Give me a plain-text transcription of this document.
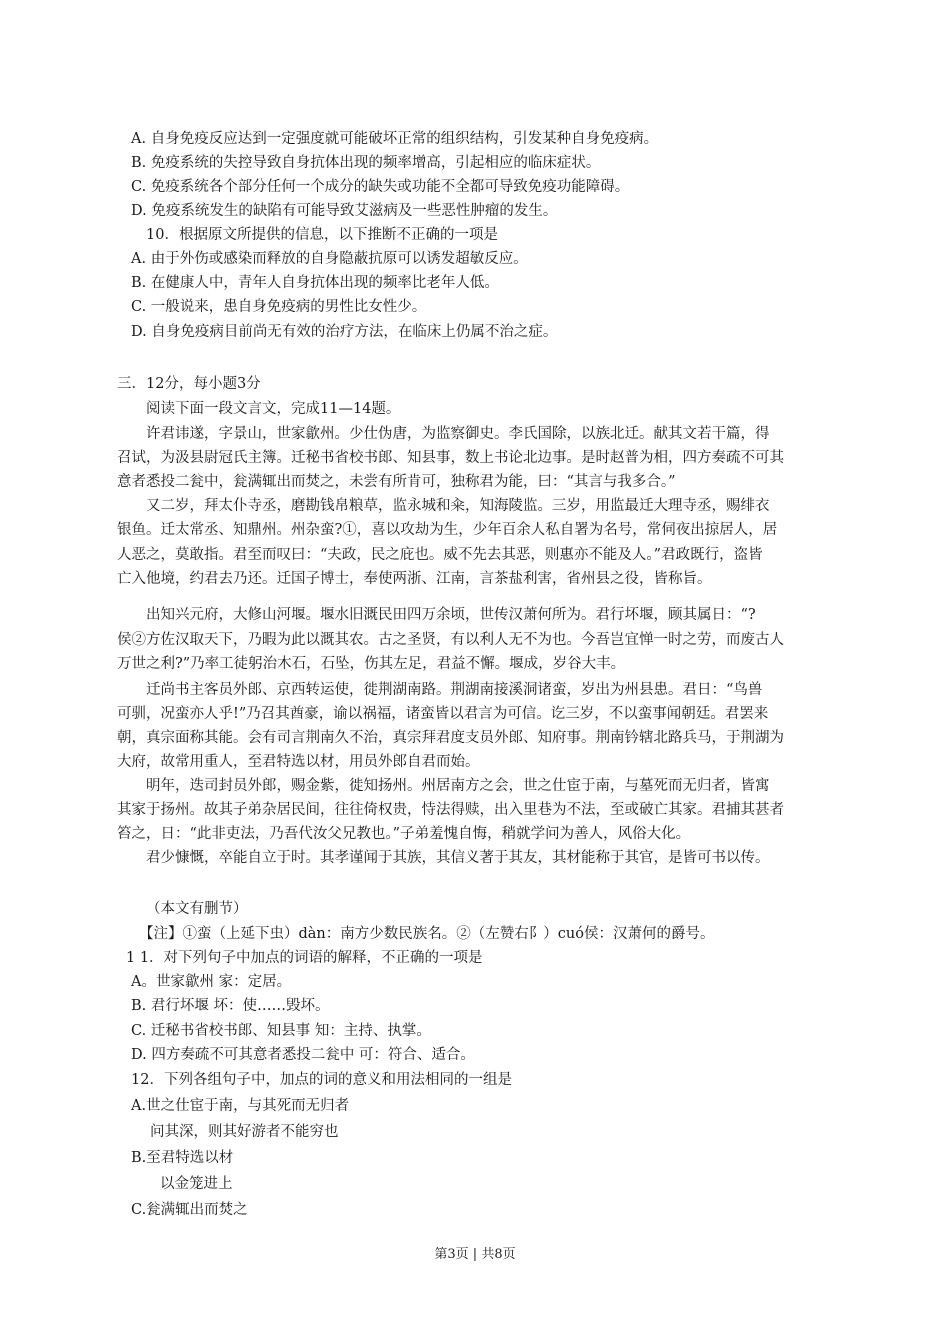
A. 自身免疫反应达到一定强度就可能破坏正常的组织结构，引发某种自身免疫病。
B. 免疫系统的失控导致自身抗体出现的频率增高，引起相应的临床症状。
C. 免疫系统各个部分任何一个成分的缺失或功能不全都可导致免疫功能障碍。
D. 免疫系统发生的缺陷有可能导致艾滋病及一些恶性肿瘤的发生。
10．根据原文所提供的信息，以下推断不正确的一项是
A. 由于外伤或感染而释放的自身隐蔽抗原可以诱发超敏反应。
B. 在健康人中，青年人自身抗体出现的频率比老年人低。
C. 一般说来，患自身免疫病的男性比女性少。
D. 自身免疫病目前尚无有效的治疗方法，在临床上仍属不治之症。
三．12分，每小题3分
阅读下面一段文言文，完成11—14题。
许君讳遂，字景山，世家歙州。少仕伪唐，为监察御史。李氏国除，以族北迁。献其文若干篇，得
召试，为汲县尉冠氏主簿。迁秘书省校书郎、知县事，数上书论北边事。是时赵普为相，四方奏疏不可其
意者悉投二瓮中，瓮满辄出而焚之，未尝有所肯可，独称君为能，曰：“其言与我多合。”
又二岁，拜太仆寺丞，磨勘钱帛粮草，监永城和籴，知海陵监。三岁，用监最迁大理寺丞，赐绯衣
银鱼。迁太常丞、知鼎州。州杂蛮?①，喜以攻劫为生，少年百余人私自署为名号，常伺夜出掠居人，居
人恶之，莫敢指。君至而叹曰：“夫政，民之庇也。威不先去其恶，则惠亦不能及人。”君政既行，盗皆
亡入他境，约君去乃还。迁国子博士，奉使两浙、江南，言茶盐利害，省州县之役，皆称旨。
出知兴元府，大修山河堰。堰水旧溉民田四万余顷，世传汉萧何所为。君行坏堰，顾其属日：“?
侯②方佐汉取天下，乃暇为此以溉其农。古之圣贤，有以利人无不为也。今吾岂宜惮一时之劳，而废古人
万世之利?”乃率工徒躬治木石，石坠，伤其左足，君益不懈。堰成，岁谷大丰。
迁尚书主客员外郎、京西转运使，徙荆湖南路。荆湖南接溪洞诸蛮，岁出为州县患。君日：“鸟兽
可驯，况蛮亦人乎!”乃召其酋豪，谕以祸福，诸蛮皆以君言为可信。讫三岁，不以蛮事闻朝廷。君罢来
朝，真宗面称其能。会有司言荆南久不治，真宗拜君度支员外郎、知府事。荆南钤辖北路兵马，于荆湖为
大府，故常用重人，至君特选以材，用员外郎自君而始。
明年，迭司封员外郎，赐金紫，徙知扬州。州居南方之会，世之仕宦于南，与墓死而无归者，皆寓
其家于扬州。故其子弟杂居民间，往往倚权贵，恃法得赎，出入里巷为不法，至或破亡其家。君捕其甚者
笞之，日：“此非吏法，乃吾代汝父兄教也。”子弟羞愧自悔，稍就学问为善人，风俗大化。
君少慷慨，卒能自立于时。其孝谨闻于其族，其信义著于其友，其材能称于其官，是皆可书以传。
（本文有删节）
【注】①蛮（上延下虫）dàn：南方少数民族名。②（左赞右阝）cuó侯：汉萧何的爵号。
1 1．对下列句子中加点的词语的解释，不正确的一项是
A。世家歙州 家：定居。
B. 君行坏堰 坏：使……毁坏。
C. 迁秘书省校书郎、知县事 知：主持、执掌。
D. 四方奏疏不可其意者悉投二瓮中 可：符合、适合。
12．下列各组句子中，加点的词的意义和用法相同的一组是
A.世之仕宦于南，与其死而无归者
问其深，则其好游者不能穷也
B.至君特选以材
以金笼进上
C.瓮满辄出而焚之
第3页 | 共8页
